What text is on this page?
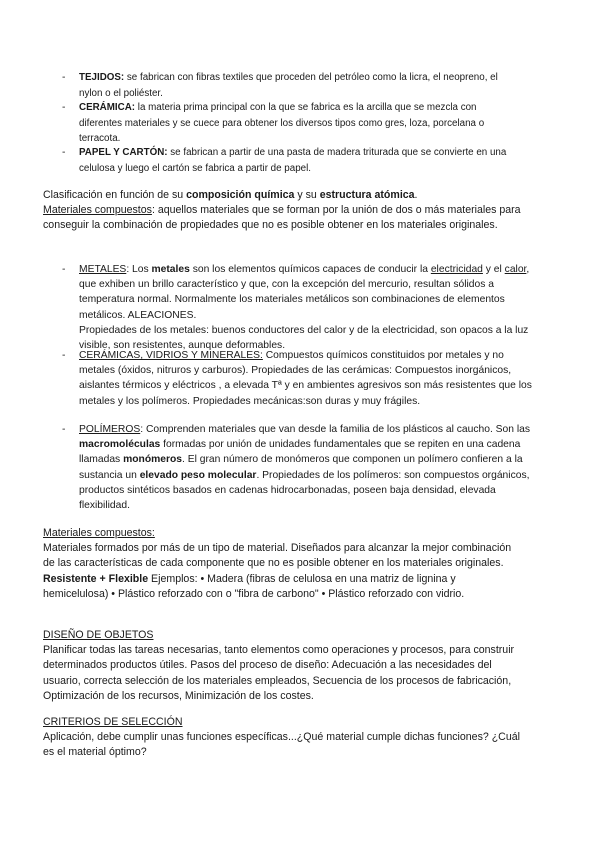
-	TEJIDOS: se fabrican con fibras textiles que proceden del petróleo como la licra, el neopreno, el nylon o el poliéster.
-	CERÁMICA: la materia prima principal con la que se fabrica es la arcilla que se mezcla con diferentes materiales y se cuece para obtener los diversos tipos como gres, loza, porcelana o terracota.
-	PAPEL Y CARTÓN: se fabrican a partir de una pasta de madera triturada que se convierte en una celulosa y luego el cartón se fabrica a partir de papel.

Clasificación en función de su composición química y su estructura atómica.
Materiales compuestos: aquellos materiales que se forman por la unión de dos o más materiales para conseguir la combinación de propiedades que no es posible obtener en los materiales originales.

-	METALES: Los metales son los elementos químicos capaces de conducir la electricidad y el calor, que exhiben un brillo característico y que, con la excepción del mercurio, resultan sólidos a temperatura normal. Normalmente los materiales metálicos son combinaciones de elementos metálicos. ALEACIONES.
Propiedades de los metales: buenos conductores del calor y de la electricidad, son opacos a la luz visible, son resistentes, aunque deformables.
-	CERÁMICAS, VIDRIOS Y MINERALES: Compuestos químicos constituidos por metales y no metales (óxidos, nitruros y carburos). Propiedades de las cerámicas: Compuestos inorgánicos, aislantes térmicos y eléctricos , a elevada Tª y en ambientes agresivos son más resistentes que los metales y los polímeros. Propiedades mecánicas:son duras y muy frágiles.
-	POLÍMEROS: Comprenden materiales que van desde la familia de los plásticos al caucho. Son las macromoléculas formadas por unión de unidades fundamentales que se repiten en una cadena llamadas monómeros. El gran número de monómeros que componen un polímero confieren a la sustancia un elevado peso molecular. Propiedades de los polímeros: son compuestos orgánicos, productos sintéticos basados en cadenas hidrocarbonadas, poseen baja densidad, elevada flexibilidad.
Materiales compuestos:
Materiales formados por más de un tipo de material. Diseñados para alcanzar la mejor combinación de las características de cada componente que no es posible obtener en los materiales originales. Resistente + Flexible Ejemplos: • Madera (fibras de celulosa en una matriz de lignina y hemicelulosa) • Plástico reforzado con o "fibra de carbono" • Plástico reforzado con vidrio.
DISEÑO DE OBJETOS
Planificar todas las tareas necesarias, tanto elementos como operaciones y procesos, para construir determinados productos útiles. Pasos del proceso de diseño: Adecuación a las necesidades del usuario, correcta selección de los materiales empleados, Secuencia de los procesos de fabricación, Optimización de los recursos, Minimización de los costes.
CRITERIOS DE SELECCIÓN
Aplicación, debe cumplir unas funciones específicas...¿Qué material cumple dichas funciones? ¿Cuál es el material óptimo?
